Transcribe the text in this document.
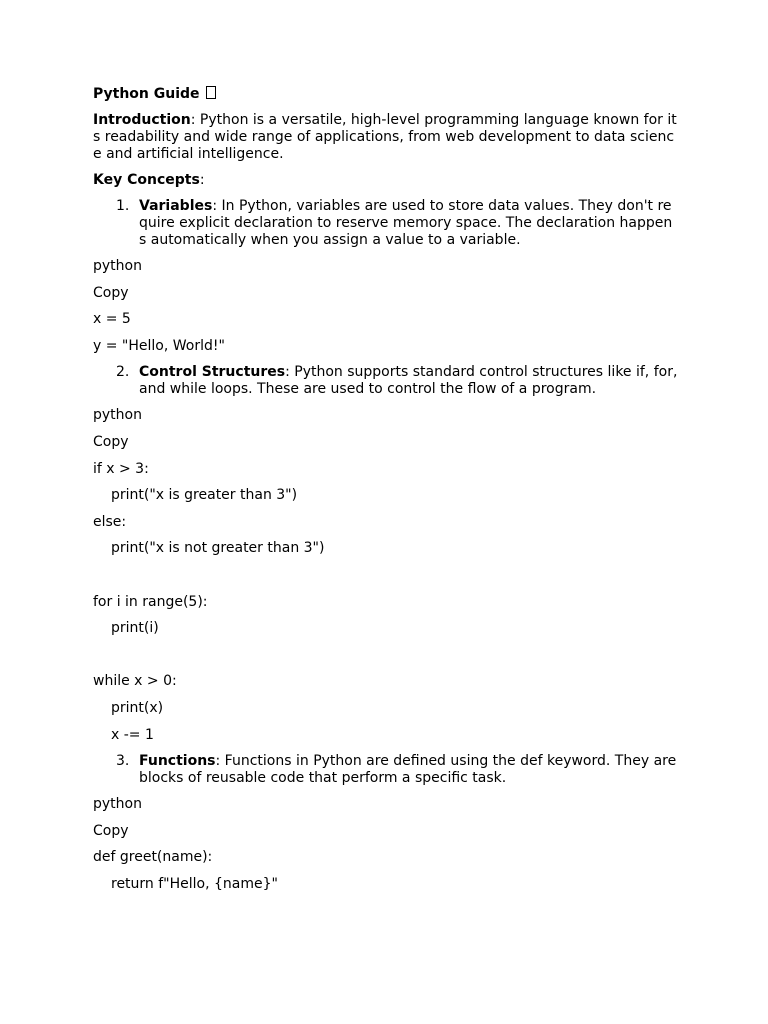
Python Guide

Introduction: Python is a versatile, high-level programming language known for its readability and wide range of applications, from web development to data science and artificial intelligence.

Key Concepts:

1. Variables: In Python, variables are used to store data values. They don't require explicit declaration to reserve memory space. The declaration happens automatically when you assign a value to a variable.

python

Copy

x = 5

y = "Hello, World!"

2. Control Structures: Python supports standard control structures like if, for, and while loops. These are used to control the flow of a program.

python

Copy

if x > 3:

print("x is greater than 3")

else:

print("x is not greater than 3")

for i in range(5):

print(i)

while x > 0:

print(x)

x -= 1

3. Functions: Functions in Python are defined using the def keyword. They are blocks of reusable code that perform a specific task.

python

Copy

def greet(name):

return f"Hello, {name}"
